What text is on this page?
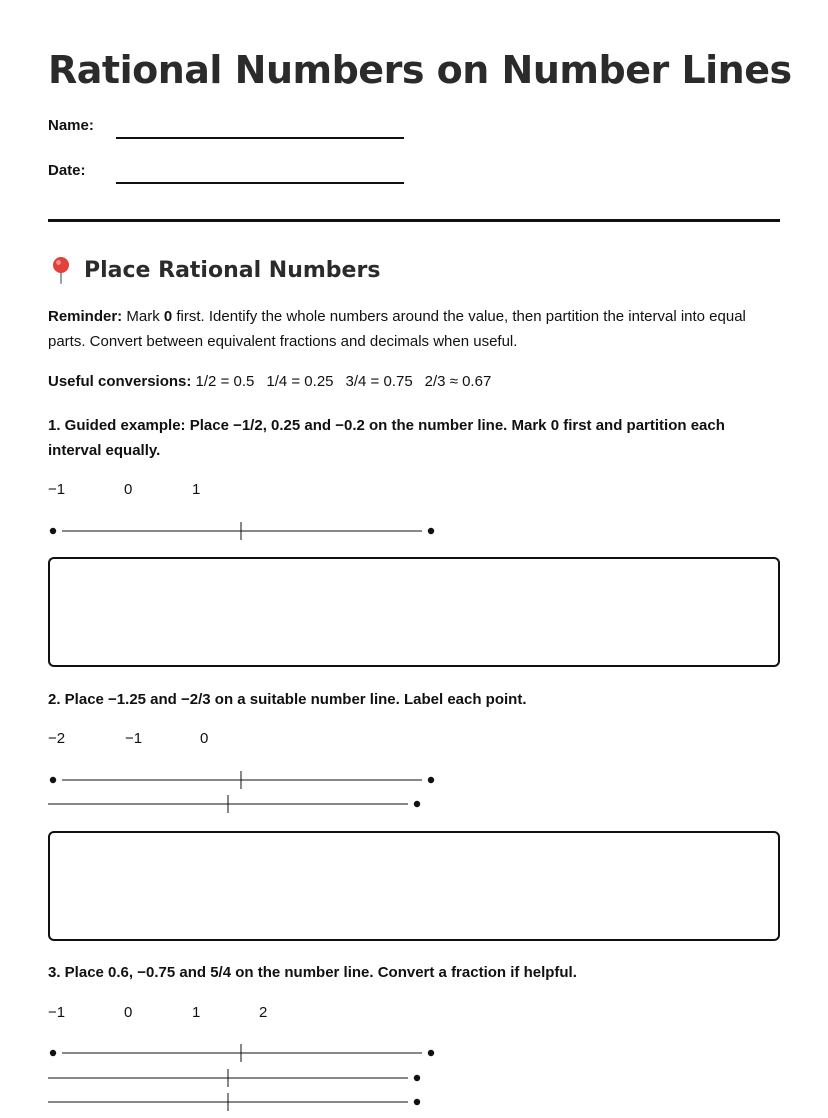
Rational Numbers on Number Lines
Name:
Date:
Place Rational Numbers
Reminder: Mark 0 first. Identify the whole numbers around the value, then partition the interval into equal parts. Convert between equivalent fractions and decimals when useful.
Useful conversions: 1/2 = 0.5 1/4 = 0.25 3/4 = 0.75 2/3 ≈ 0.67
1. Guided example: Place −1/2, 0.25 and −0.2 on the number line. Mark 0 first and partition each interval equally.
−1	0	1
2. Place −1.25 and −2/3 on a suitable number line. Label each point.
−2	−1	0
3. Place 0.6, −0.75 and 5/4 on the number line. Convert a fraction if helpful.
−1	0	1	2
